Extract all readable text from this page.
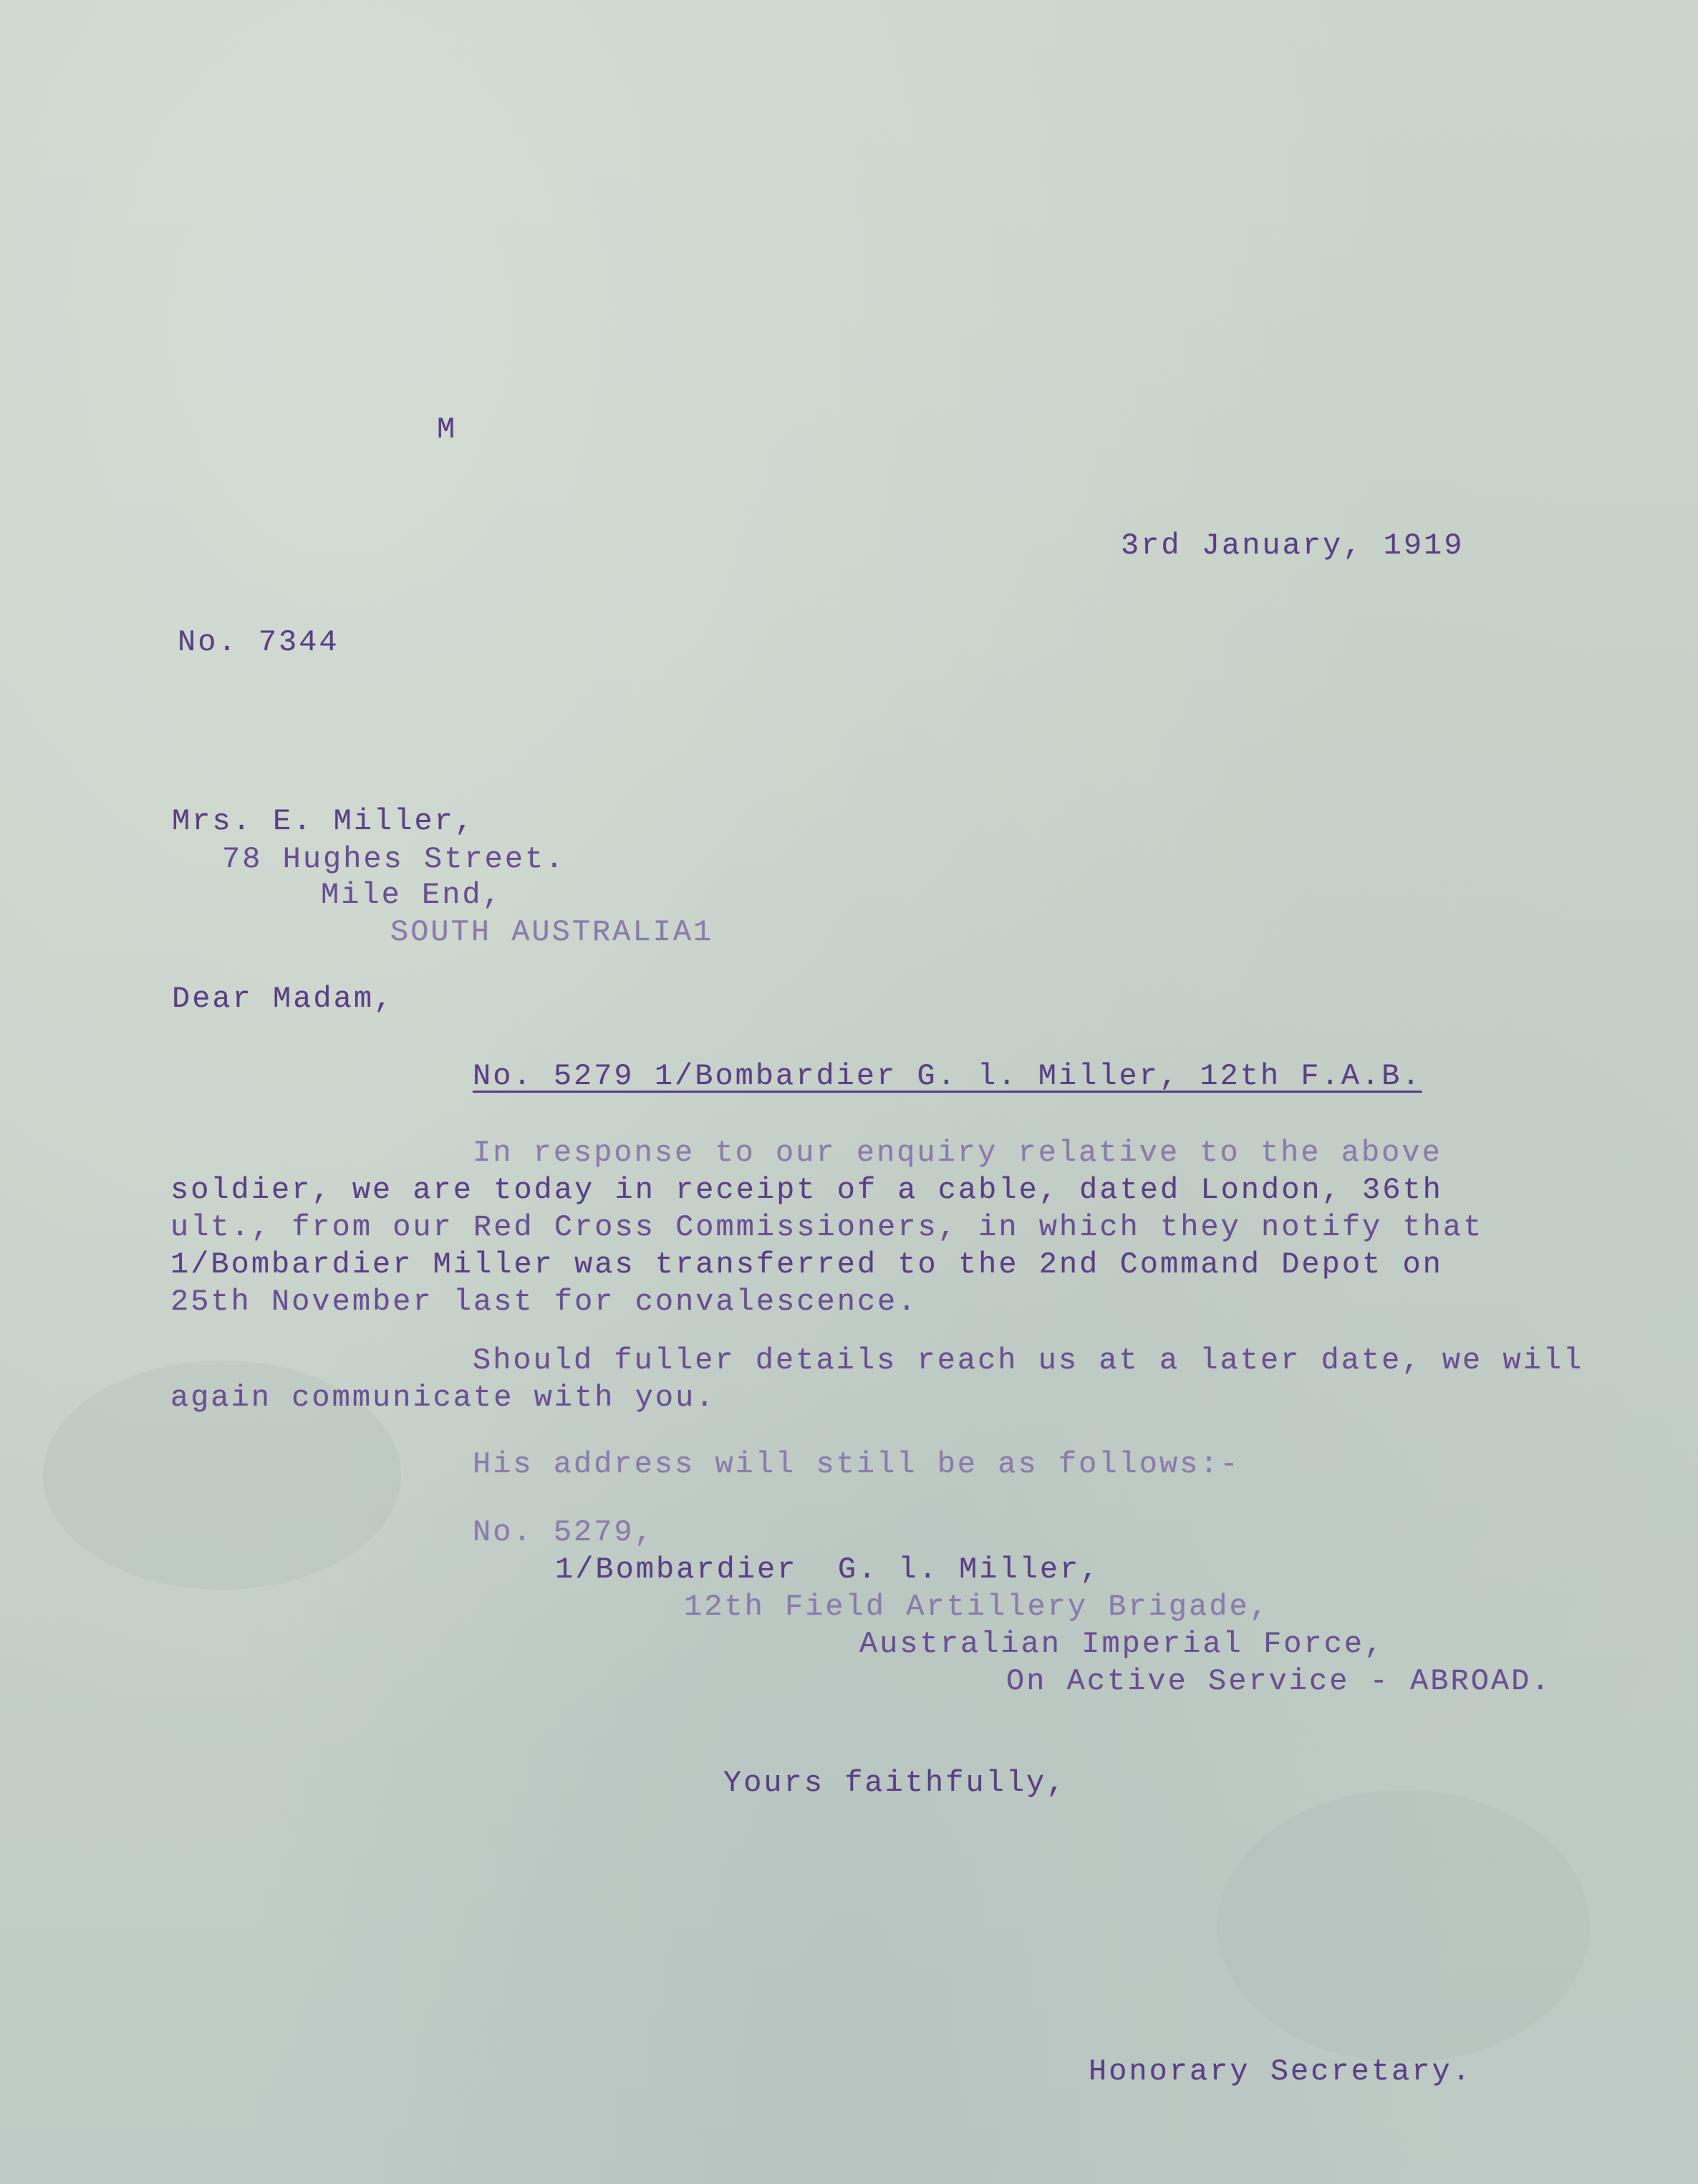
M
3rd January, 1919
No. 7344
Mrs. E. Miller,
78 Hughes Street.
Mile End,
SOUTH AUSTRALIA1
Dear Madam,
No. 5279 1/Bombardier G. l. Miller, 12th F.A.B.
In response to our enquiry relative to the above
soldier, we are today in receipt of a cable, dated London, 36th
ult., from our Red Cross Commissioners, in which they notify that
1/Bombardier Miller was transferred to the 2nd Command Depot on
25th November last for convalescence.
Should fuller details reach us at a later date, we will
again communicate with you.
His address will still be as follows:-
No. 5279,
1/Bombardier  G. l. Miller,
12th Field Artillery Brigade,
Australian Imperial Force,
On Active Service - ABROAD.
Yours faithfully,
Honorary Secretary.
